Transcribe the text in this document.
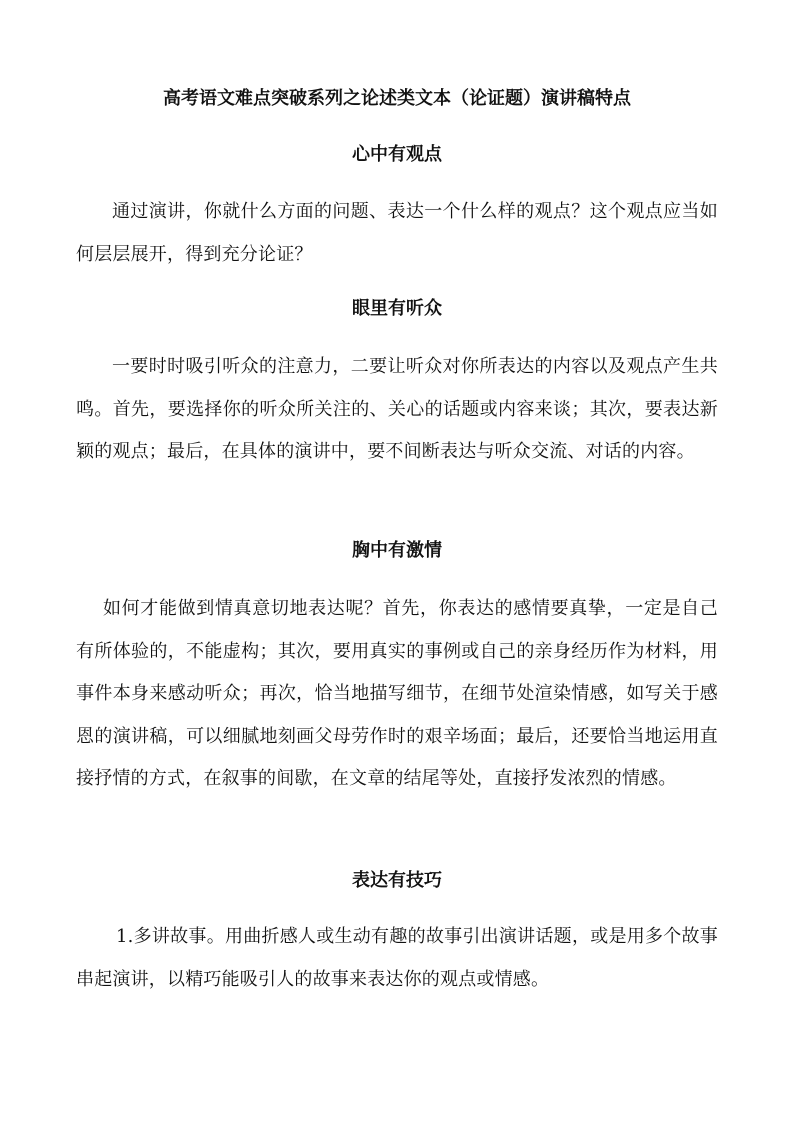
高考语文难点突破系列之论述类文本（论证题）演讲稿特点
心中有观点

通过演讲，你就什么方面的问题、表达一个什么样的观点？这个观点应当如何层层展开，得到充分论证？

眼里有听众

一要时时吸引听众的注意力，二要让听众对你所表达的内容以及观点产生共鸣。首先，要选择你的听众所关注的、关心的话题或内容来谈；其次，要表达新颖的观点；最后，在具体的演讲中，要不间断表达与听众交流、对话的内容。

胸中有激情

如何才能做到情真意切地表达呢？首先，你表达的感情要真挚，一定是自己有所体验的，不能虚构；其次，要用真实的事例或自己的亲身经历作为材料，用事件本身来感动听众；再次，恰当地描写细节，在细节处渲染情感，如写关于感恩的演讲稿，可以细腻地刻画父母劳作时的艰辛场面；最后，还要恰当地运用直接抒情的方式，在叙事的间歇，在文章的结尾等处，直接抒发浓烈的情感。

表达有技巧

1.多讲故事。用曲折感人或生动有趣的故事引出演讲话题，或是用多个故事串起演讲，以精巧能吸引人的故事来表达你的观点或情感。
